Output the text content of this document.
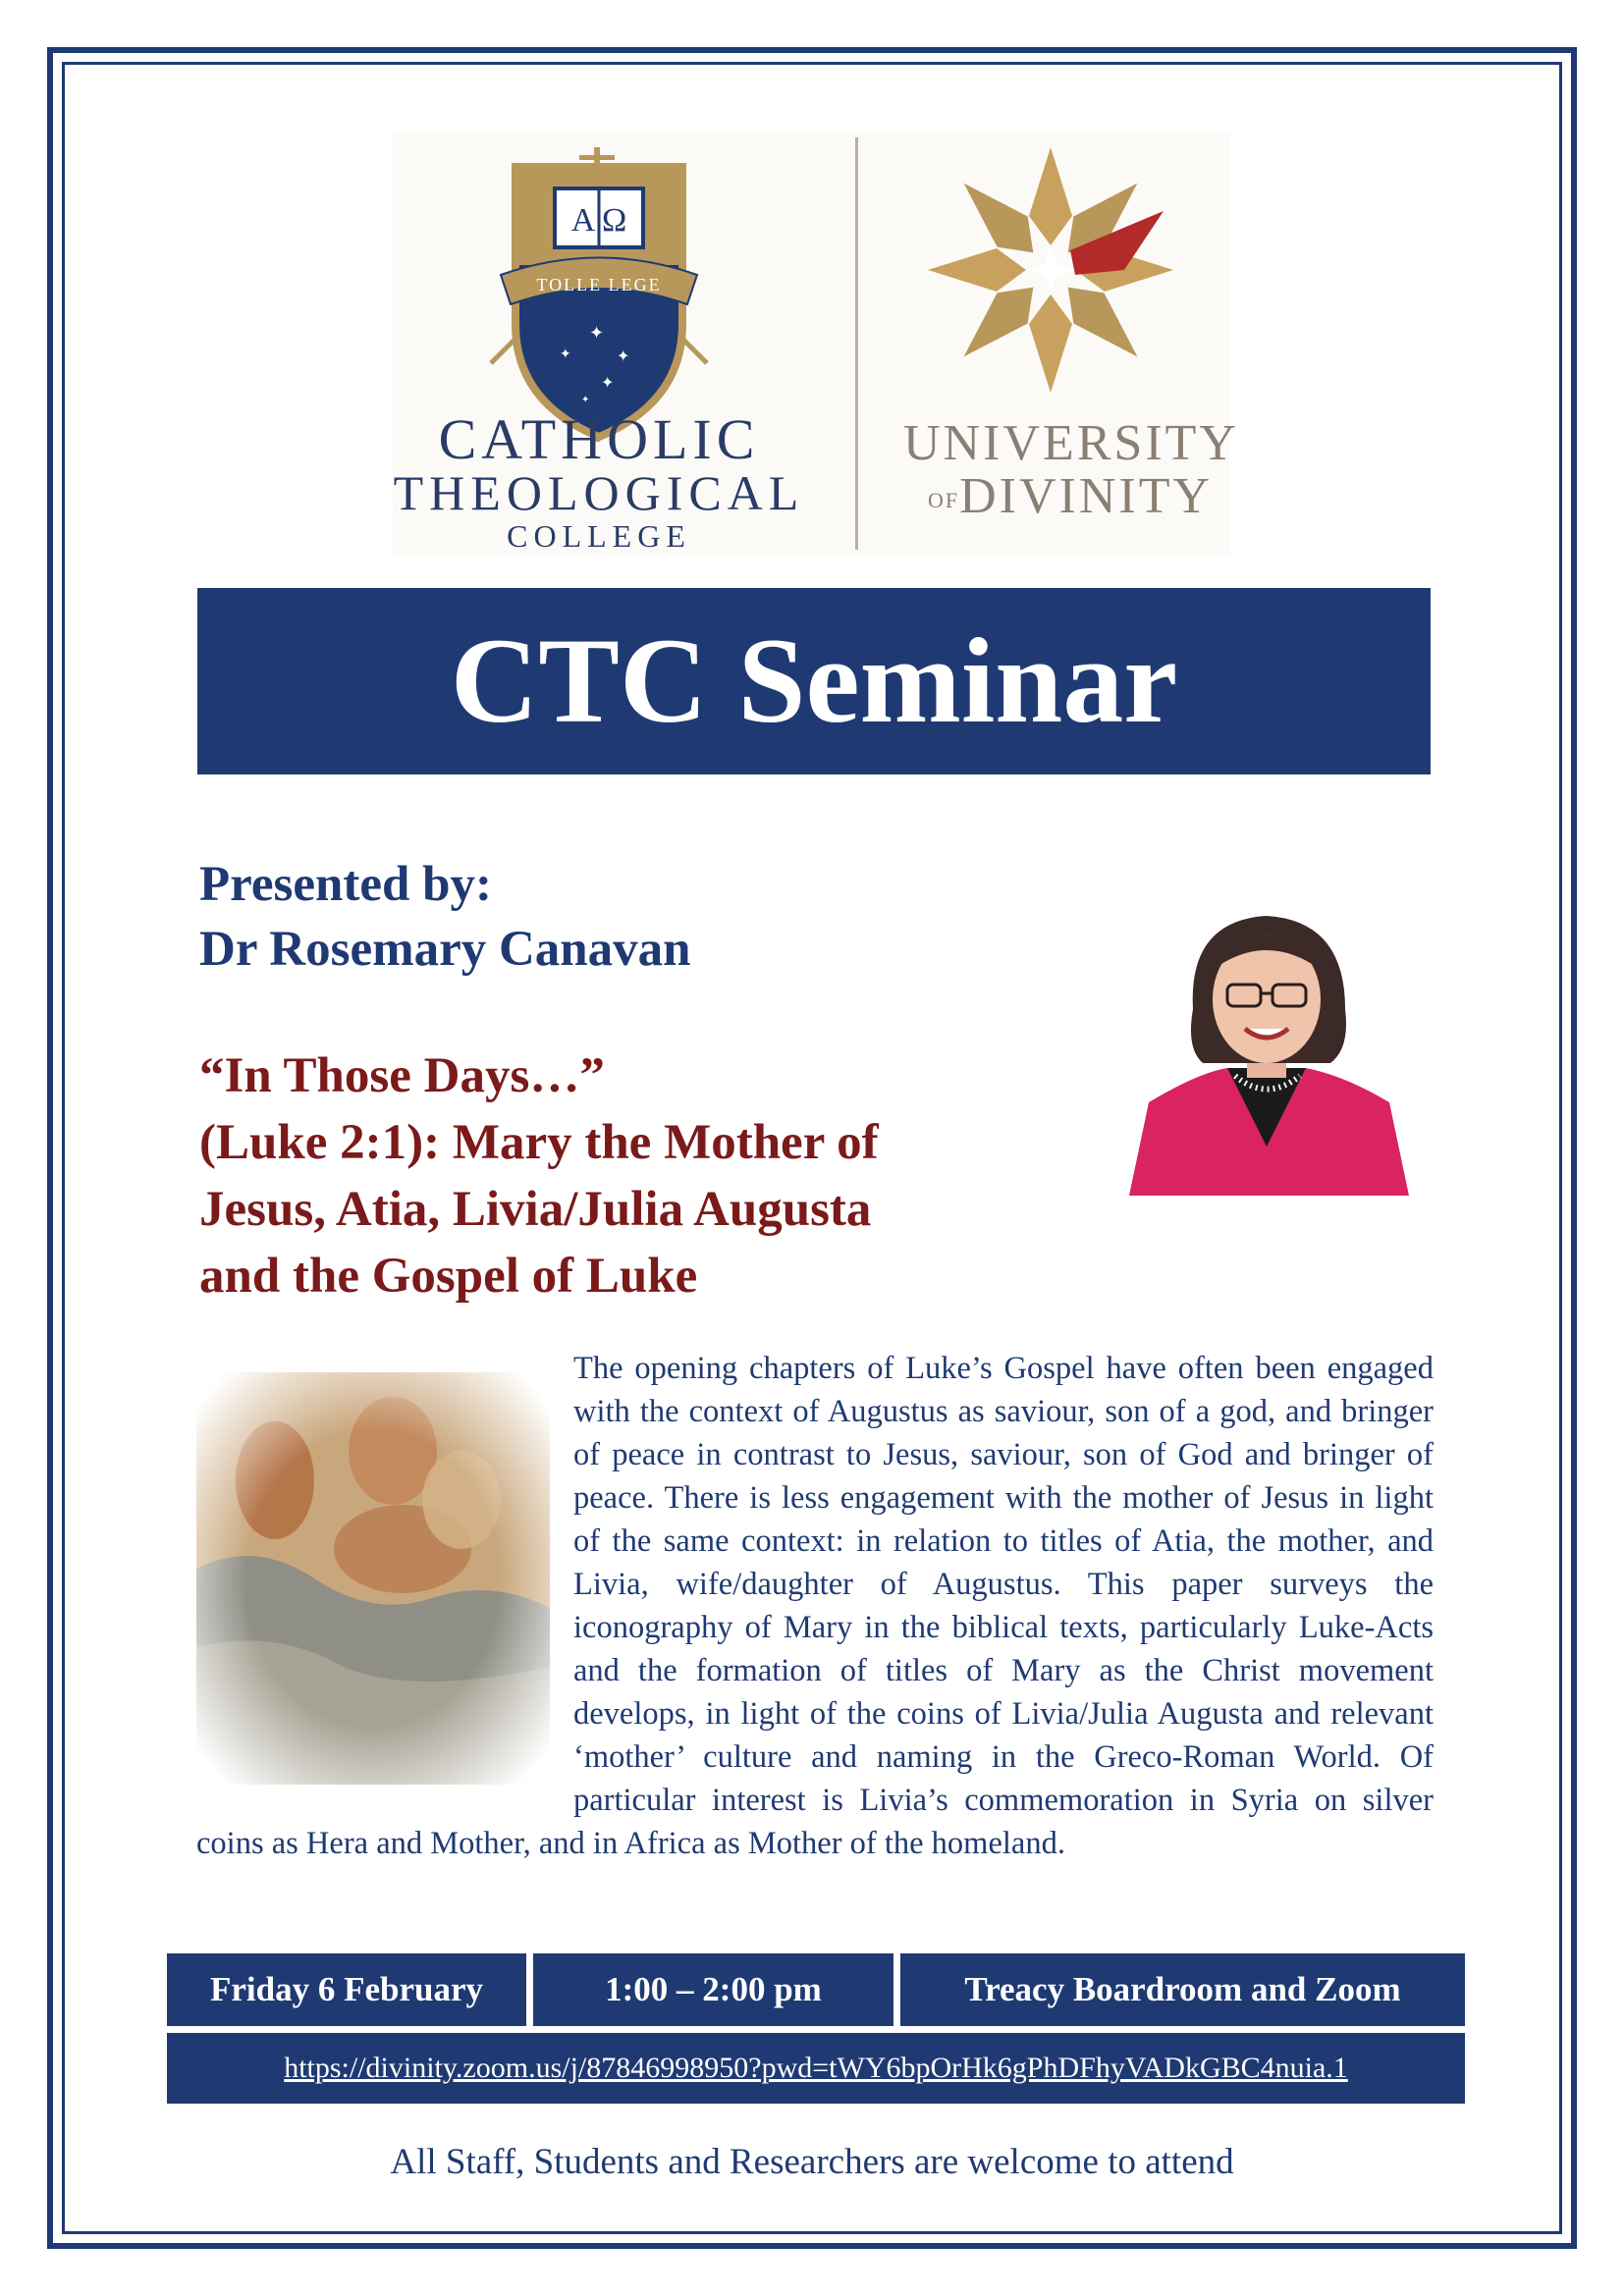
A Ω
TOLLE LEGE
✦
✦	✦
✦
✦
CATHOLIC
THEOLOGICAL
COLLEGE
UNIVERSITY
OFDIVINITY
CTC Seminar
Presented by:
Dr Rosemary Canavan
“In Those Days…”
(Luke 2:1): Mary the Mother of
Jesus, Atia, Livia/Julia Augusta
and the Gospel of Luke
The opening chapters of Luke’s Gospel have often been engaged with the context of Augustus as saviour, son of a god, and bringer of peace in contrast to Jesus, saviour, son of God and bringer of peace. There is less engagement with the mother of Jesus in light of the same context: in relation to titles of Atia, the mother, and Livia, wife/daughter of Augustus. This paper surveys the iconography of Mary in the biblical texts, particularly Luke-Acts and the formation of titles of Mary as the Christ movement develops, in light of the coins of Livia/Julia Augusta and relevant ‘mother’ culture and naming in the Greco-Roman World. Of particular interest is Livia’s commemoration in Syria on silver coins as Hera and Mother, and in Africa as Mother of the homeland.
Friday 6 February	1:00 – 2:00 pm	Treacy Boardroom and Zoom
https://divinity.zoom.us/j/87846998950?pwd=tWY6bpOrHk6gPhDFhyVADkGBC4nuia.1
All Staff, Students and Researchers are welcome to attend
